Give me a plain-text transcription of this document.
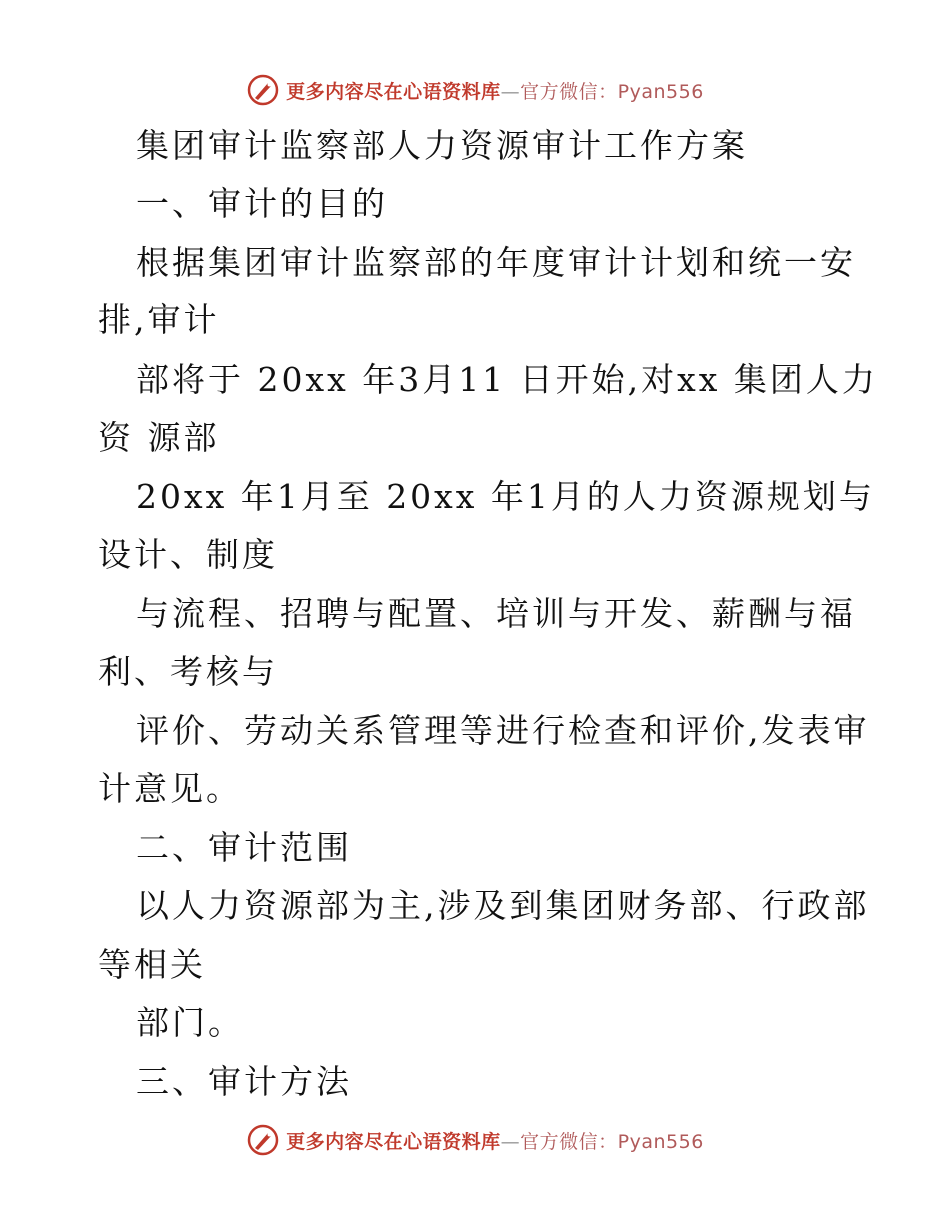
更多内容尽在心语资料库—官方微信：Pyan556
集团审计监察部人力资源审计工作方案
一、审计的目的
根据集团审计监察部的年度审计计划和统一安
排,审计
部将于 20xx 年3月11 日开始,对xx 集团人力
资 源部
20xx 年1月至 20xx 年1月的人力资源规划与
设计、制度
与流程、招聘与配置、培训与开发、薪酬与福
利、考核与
评价、劳动关系管理等进行检查和评价,发表审
计意见。
二、审计范围
以人力资源部为主,涉及到集团财务部、行政部
等相关
部门。
三、审计方法
更多内容尽在心语资料库—官方微信：Pyan556
